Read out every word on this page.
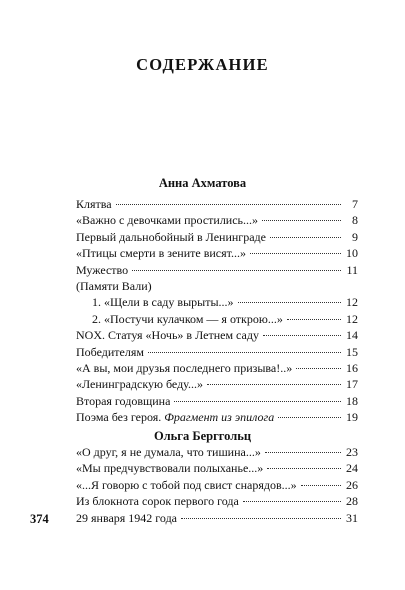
СОДЕРЖАНИЕ
Анна Ахматова
Клятва	7
«Важно с девочками простились...»	8
Первый дальнобойный в Ленинграде	9
«Птицы смерти в зените висят...»	10
Мужество	11
(Памяти Вали)
1. «Щели в саду вырыты...»	12
2. «Постучи кулачком — я открою...»	12
NOX. Статуя «Ночь» в Летнем саду	14
Победителям	15
«А вы, мои друзья последнего призыва!..»	16
«Ленинградскую беду...»	17
Вторая годовщина	18
Поэма без героя. Фрагмент из эпилога	19
Ольга Берггольц
«О друг, я не думала, что тишина...»	23
«Мы предчувствовали полыханье...»	24
«...Я говорю с тобой под свист снарядов...»	26
Из блокнота сорок первого года	28
29 января 1942 года	31
374
